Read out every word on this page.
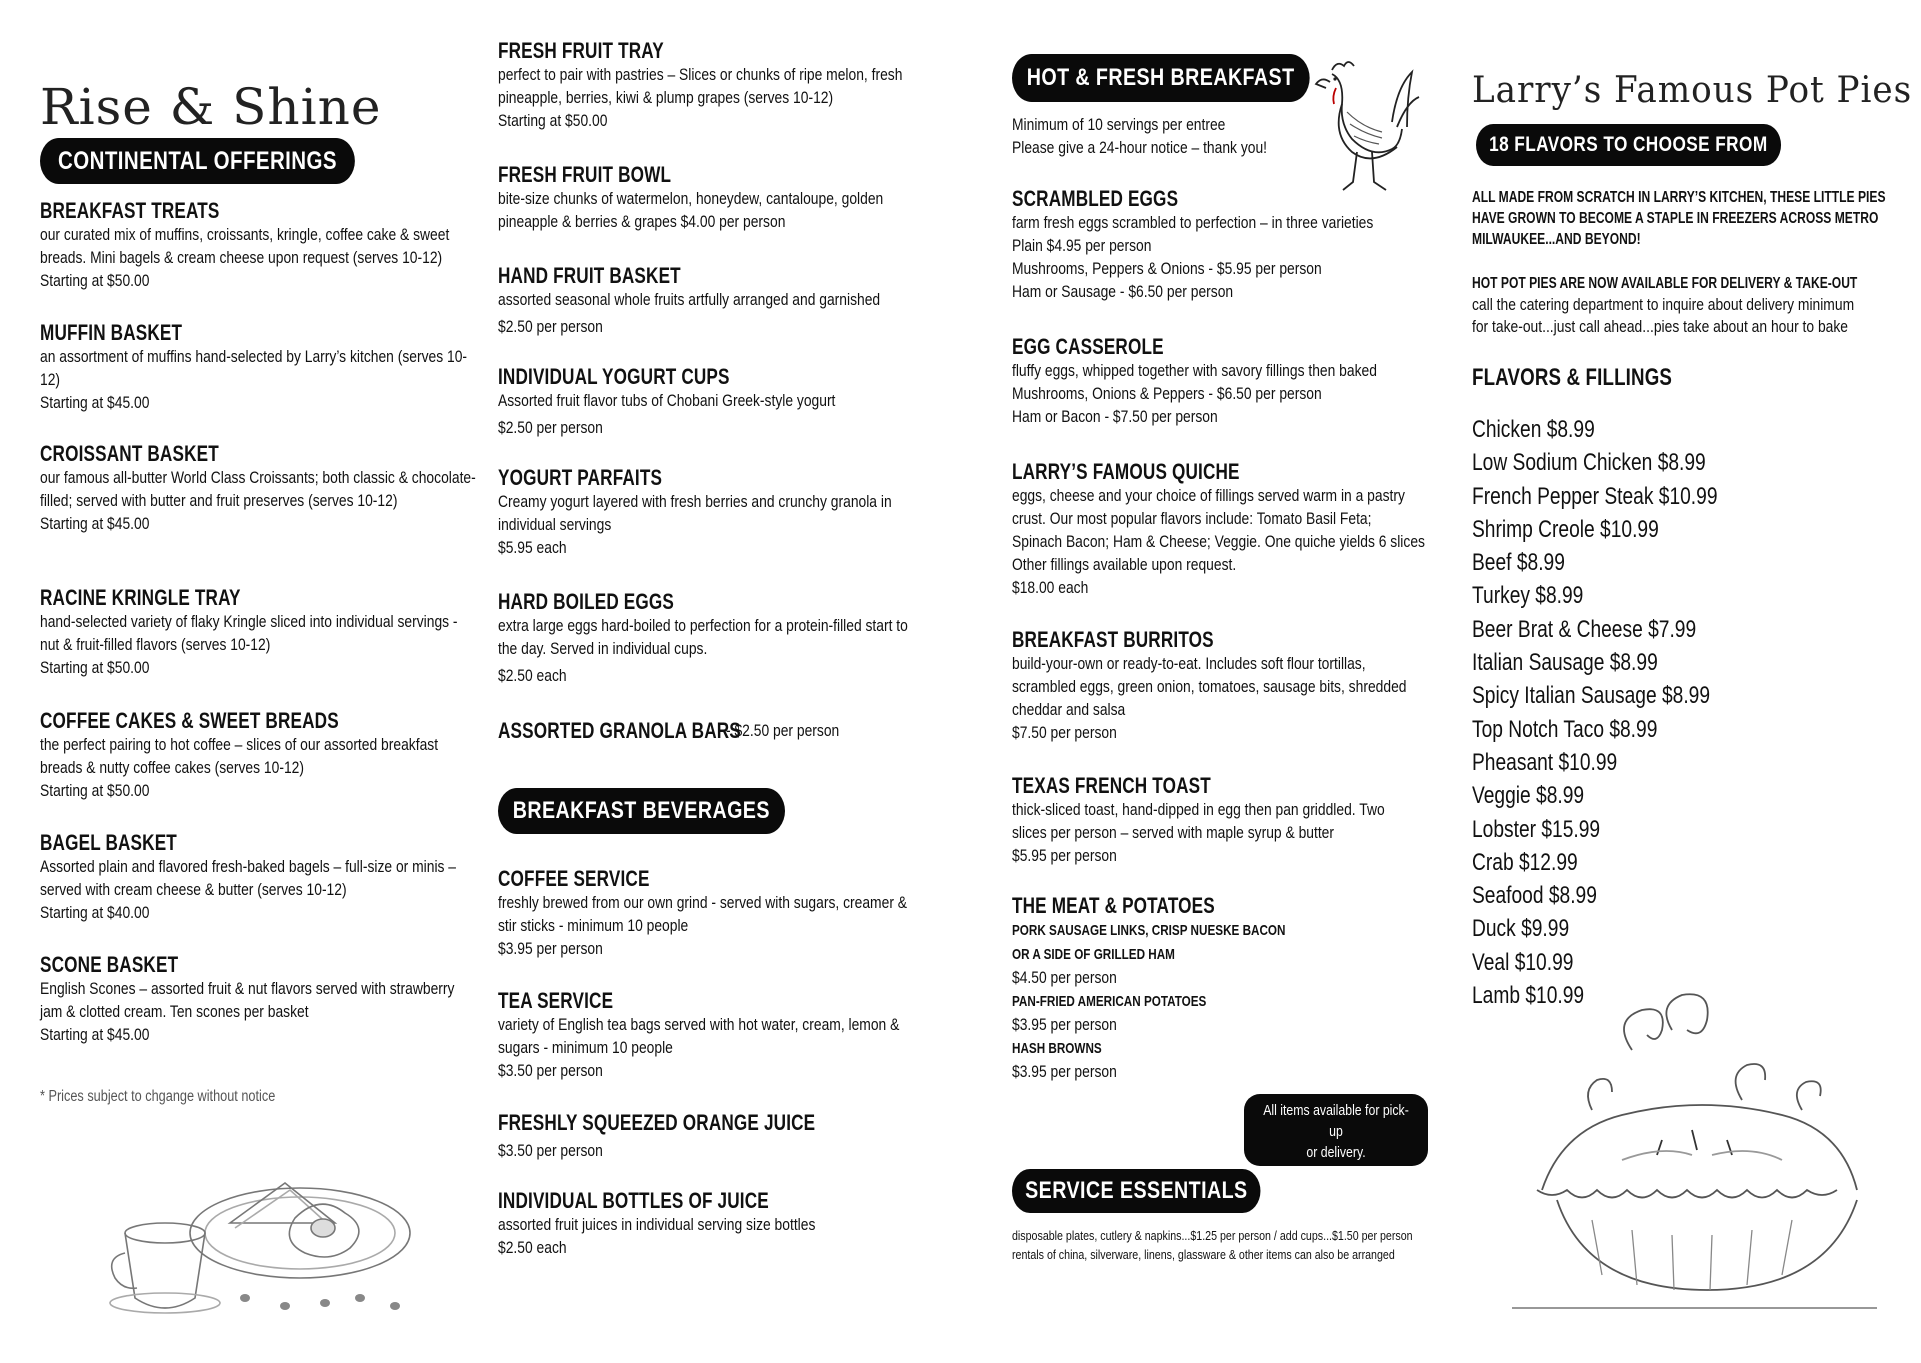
Rise & Shine
CONTINENTAL OFFERINGS
BREAKFAST TREATS
our curated mix of muffins, croissants, kringle, coffee cake & sweet breads. Mini bagels & cream cheese upon request (serves 10-12)
Starting at $50.00
MUFFIN BASKET
an assortment of muffins hand-selected by Larry’s kitchen (serves 10-12)
Starting at $45.00
CROISSANT BASKET
our famous all-butter World Class Croissants; both classic & chocolate-filled; served with butter and fruit preserves (serves 10-12)
Starting at $45.00
RACINE KRINGLE TRAY
hand-selected variety of flaky Kringle sliced into individual servings - nut & fruit-filled flavors (serves 10-12)
Starting at $50.00
COFFEE CAKES & SWEET BREADS
the perfect pairing to hot coffee – slices of our assorted breakfast breads & nutty coffee cakes (serves 10-12)
Starting at $50.00
BAGEL BASKET
Assorted plain and flavored fresh-baked bagels – full-size or minis – served with cream cheese & butter (serves 10-12)
Starting at $40.00
SCONE BASKET
English Scones – assorted fruit & nut flavors served with strawberry jam & clotted cream. Ten scones per basket
Starting at $45.00
* Prices subject to chgange without notice
FRESH FRUIT TRAY
perfect to pair with pastries – Slices or chunks of ripe melon, fresh pineapple, berries, kiwi & plump grapes (serves 10-12)
Starting at $50.00
FRESH FRUIT BOWL
bite-size chunks of watermelon, honeydew, cantaloupe, golden pineapple & berries & grapes $4.00 per person
HAND FRUIT BASKET
assorted seasonal whole fruits artfully arranged and garnished
$2.50 per person
INDIVIDUAL YOGURT CUPS
Assorted fruit flavor tubs of Chobani Greek-style yogurt
$2.50 per person
YOGURT PARFAITS
Creamy yogurt layered with fresh berries and crunchy granola in individual servings
$5.95 each
HARD BOILED EGGS
extra large eggs hard-boiled to perfection for a protein-filled start to the day. Served in individual cups.
$2.50 each
ASSORTED GRANOLA BARS
- $2.50 per person
BREAKFAST BEVERAGES
COFFEE SERVICE
freshly brewed from our own grind - served with sugars, creamer & stir sticks - minimum 10 people
$3.95 per person
TEA SERVICE
variety of English tea bags served with hot water, cream, lemon & sugars - minimum 10 people
$3.50 per person
FRESHLY SQUEEZED ORANGE JUICE
$3.50 per person
INDIVIDUAL BOTTLES OF JUICE
assorted fruit juices in individual serving size bottles
$2.50 each
HOT & FRESH BREAKFAST
Minimum of 10 servings per entree
Please give a 24-hour notice – thank you!
SCRAMBLED EGGS
farm fresh eggs scrambled to perfection – in three varieties
Plain $4.95 per person
Mushrooms, Peppers & Onions - $5.95 per person
Ham or Sausage - $6.50 per person
EGG CASSEROLE
fluffy eggs, whipped together with savory fillings then baked
Mushrooms, Onions & Peppers - $6.50 per person
Ham or Bacon - $7.50 per person
LARRY’S FAMOUS QUICHE
eggs, cheese and your choice of fillings served warm in a pastry
crust. Our most popular flavors include: Tomato Basil Feta;
Spinach Bacon; Ham & Cheese; Veggie. One quiche yields 6 slices
Other fillings available upon request.
$18.00 each
BREAKFAST BURRITOS
build-your-own or ready-to-eat. Includes soft flour tortillas,
scrambled eggs, green onion, tomatoes, sausage bits, shredded
cheddar and salsa
$7.50 per person
TEXAS FRENCH TOAST
thick-sliced toast, hand-dipped in egg then pan griddled. Two
slices per person – served with maple syrup & butter
$5.95 per person
THE MEAT & POTATOES
PORK SAUSAGE LINKS, CRISP NUESKE BACON
OR A SIDE OF GRILLED HAM
$4.50 per person
PAN-FRIED AMERICAN POTATOES
$3.95 per person
HASH BROWNS
$3.95 per person
All items available for pick-up
or delivery.
Please give a 24-hour notice.
SERVICE ESSENTIALS
disposable plates, cutlery & napkins...$1.25 per person / add cups...$1.50 per person
rentals of china, silverware, linens, glassware & other items can also be arranged
Larry’s Famous Pot Pies
18 FLAVORS TO CHOOSE FROM
ALL MADE FROM SCRATCH IN LARRY’S KITCHEN, THESE LITTLE PIES HAVE GROWN TO BECOME A STAPLE IN FREEZERS ACROSS METRO MILWAUKEE...AND BEYOND!
HOT POT PIES ARE NOW AVAILABLE FOR DELIVERY & TAKE-OUT
call the catering department to inquire about delivery minimum
for take-out...just call ahead...pies take about an hour to bake
FLAVORS & FILLINGS
Chicken $8.99
Low Sodium Chicken $8.99
French Pepper Steak $10.99
Shrimp Creole $10.99
Beef $8.99
Turkey $8.99
Beer Brat & Cheese $7.99
Italian Sausage $8.99
Spicy Italian Sausage $8.99
Top Notch Taco $8.99
Pheasant $10.99
Veggie $8.99
Lobster $15.99
Crab $12.99
Seafood $8.99
Duck $9.99
Veal $10.99
Lamb $10.99
